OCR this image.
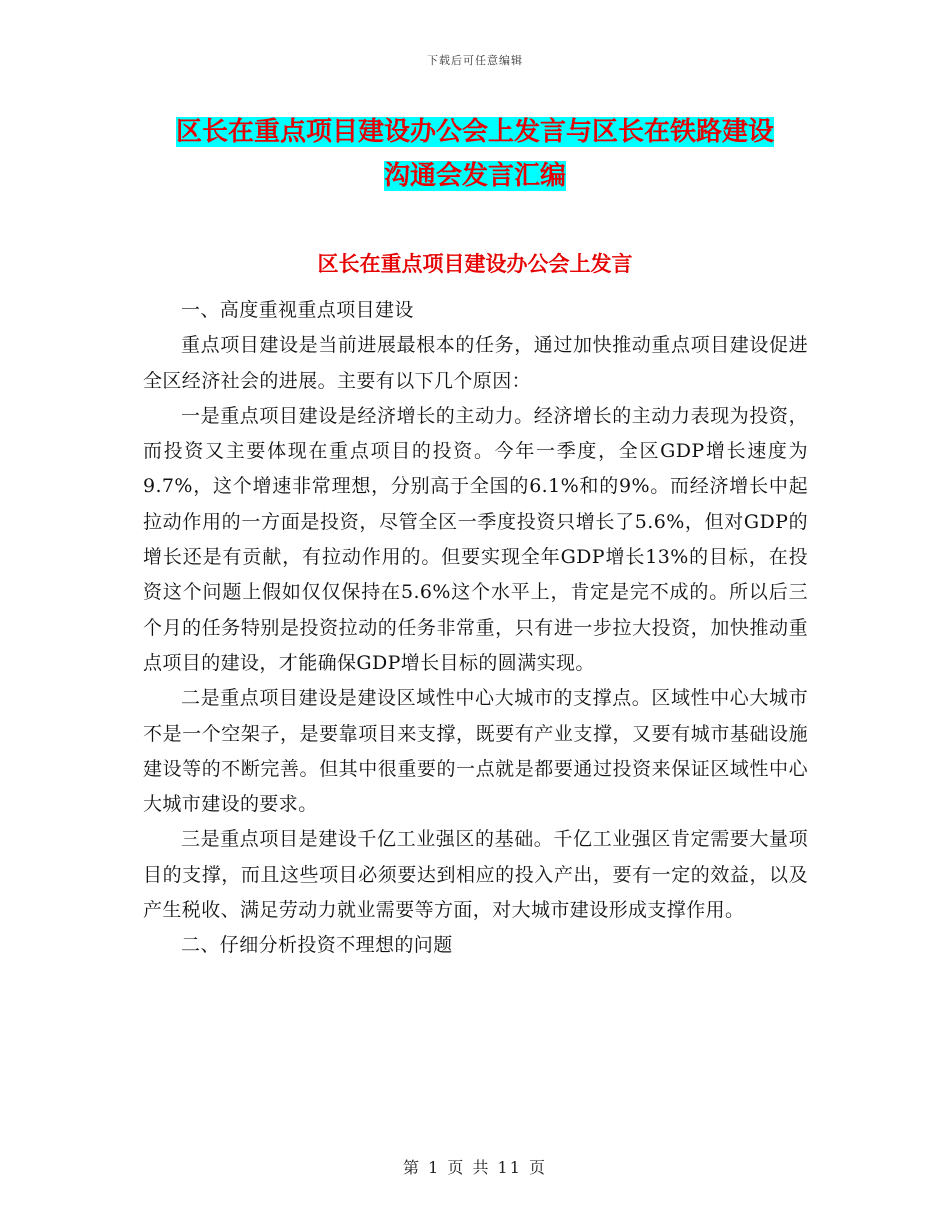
下载后可任意编辑
区长在重点项目建设办公会上发言与区长在铁路建设
沟通会发言汇编
区长在重点项目建设办公会上发言

一、高度重视重点项目建设

重点项目建设是当前进展最根本的任务，通过加快推动重点项目建设促进全区经济社会的进展。主要有以下几个原因：

一是重点项目建设是经济增长的主动力。经济增长的主动力表现为投资，而投资又主要体现在重点项目的投资。今年一季度，全区GDP增长速度为9.7%，这个增速非常理想，分别高于全国的6.1%和的9%。而经济增长中起拉动作用的一方面是投资，尽管全区一季度投资只增长了5.6%，但对GDP的增长还是有贡献，有拉动作用的。但要实现全年GDP增长13%的目标，在投资这个问题上假如仅仅保持在5.6%这个水平上，肯定是完不成的。所以后三个月的任务特别是投资拉动的任务非常重，只有进一步拉大投资，加快推动重点项目的建设，才能确保GDP增长目标的圆满实现。

二是重点项目建设是建设区域性中心大城市的支撑点。区域性中心大城市不是一个空架子，是要靠项目来支撑，既要有产业支撑，又要有城市基础设施建设等的不断完善。但其中很重要的一点就是都要通过投资来保证区域性中心大城市建设的要求。

三是重点项目是建设千亿工业强区的基础。千亿工业强区肯定需要大量项目的支撑，而且这些项目必须要达到相应的投入产出，要有一定的效益，以及产生税收、满足劳动力就业需要等方面，对大城市建设形成支撑作用。

二、仔细分析投资不理想的问题

第 1 页 共 11 页
